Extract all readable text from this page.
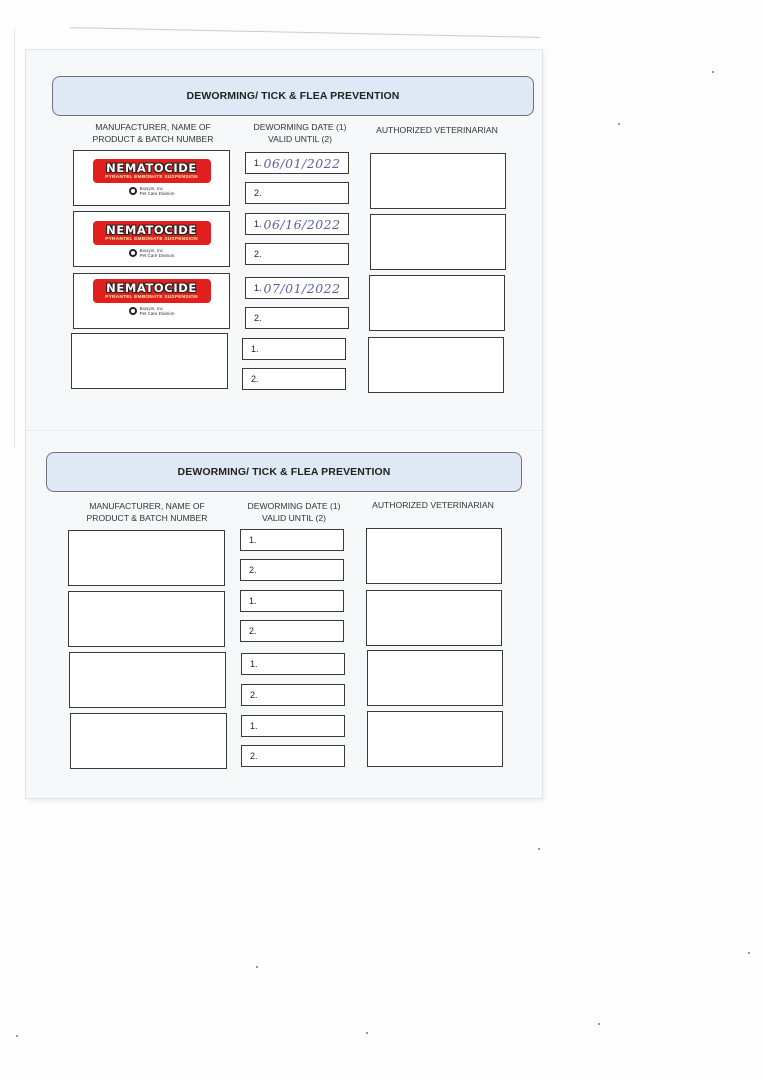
DEWORMING/ TICK & FLEA PREVENTION
MANUFACTURER, NAME OF PRODUCT & BATCH NUMBER
DEWORMING DATE (1) VALID UNTIL (2)
AUTHORIZED VETERINARIAN
NEMATOCIDE
PYRANTEL EMBONATE SUSPENSION
Bioxym, Inc.
Pet Care Division
1. 06/01/2022
2.
NEMATOCIDE
PYRANTEL EMBONATE SUSPENSION
Bioxym, Inc.
Pet Care Division
1. 06/16/2022
2.
NEMATOCIDE
PYRANTEL EMBONATE SUSPENSION
Bioxym, Inc.
Pet Care Division
1. 07/01/2022
2.
1.
2.
DEWORMING/ TICK & FLEA PREVENTION
MANUFACTURER, NAME OF PRODUCT & BATCH NUMBER
DEWORMING DATE (1) VALID UNTIL (2)
AUTHORIZED VETERINARIAN
1.
2.
1.
2.
1.
2.
1.
2.
